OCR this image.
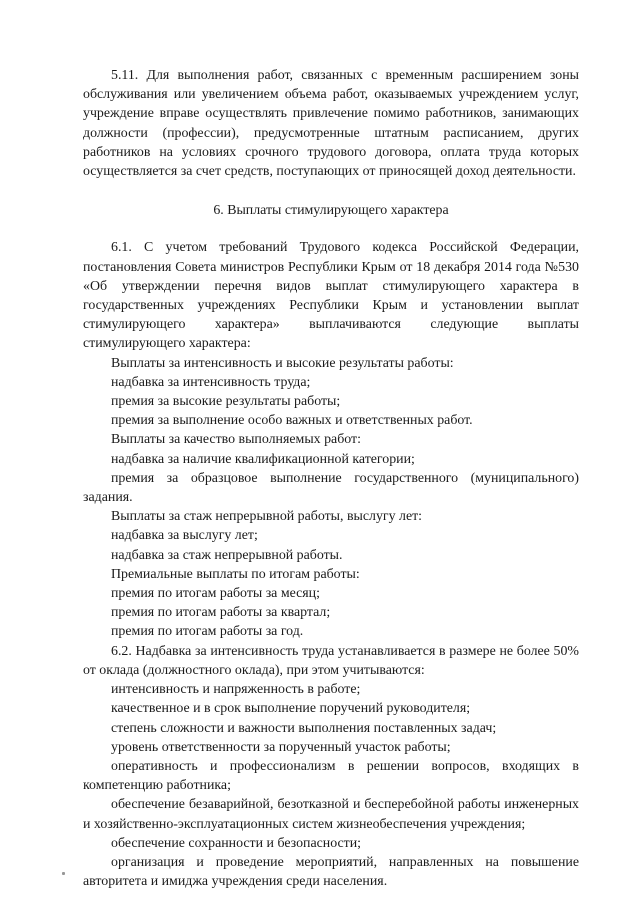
5.11. Для выполнения работ, связанных с временным расширением зоны обслуживания или увеличением объема работ, оказываемых учреждением услуг, учреждение вправе осуществлять привлечение помимо работников, занимающих должности (профессии), предусмотренные штатным расписанием, других работников на условиях срочного трудового договора, оплата труда которых осуществляется за счет средств, поступающих от приносящей доход деятельности.

6. Выплаты стимулирующего характера

6.1. С учетом требований Трудового кодекса Российской Федерации, постановления Совета министров Республики Крым от 18 декабря 2014 года №530 «Об утверждении перечня видов выплат стимулирующего характера в государственных учреждениях Республики Крым и установлении выплат стимулирующего характера» выплачиваются следующие выплаты стимулирующего характера:

Выплаты за интенсивность и высокие результаты работы:

надбавка за интенсивность труда;

премия за высокие результаты работы;

премия за выполнение особо важных и ответственных работ.

Выплаты за качество выполняемых работ:

надбавка за наличие квалификационной категории;

премия за образцовое выполнение государственного (муниципального) задания.

Выплаты за стаж непрерывной работы, выслугу лет:

надбавка за выслугу лет;

надбавка за стаж непрерывной работы.

Премиальные выплаты по итогам работы:

премия по итогам работы за месяц;

премия по итогам работы за квартал;

премия по итогам работы за год.

6.2. Надбавка за интенсивность труда устанавливается в размере не более 50% от оклада (должностного оклада), при этом учитываются:

интенсивность и напряженность в работе;

качественное и в срок выполнение поручений руководителя;

степень сложности и важности выполнения поставленных задач;

уровень ответственности за порученный участок работы;

оперативность и профессионализм в решении вопросов, входящих в компетенцию работника;

обеспечение безаварийной, безотказной и бесперебойной работы инженерных и хозяйственно-эксплуатационных систем жизнеобеспечения учреждения;

обеспечение сохранности и безопасности;

организация и проведение мероприятий, направленных на повышение авторитета и имиджа учреждения среди населения.
